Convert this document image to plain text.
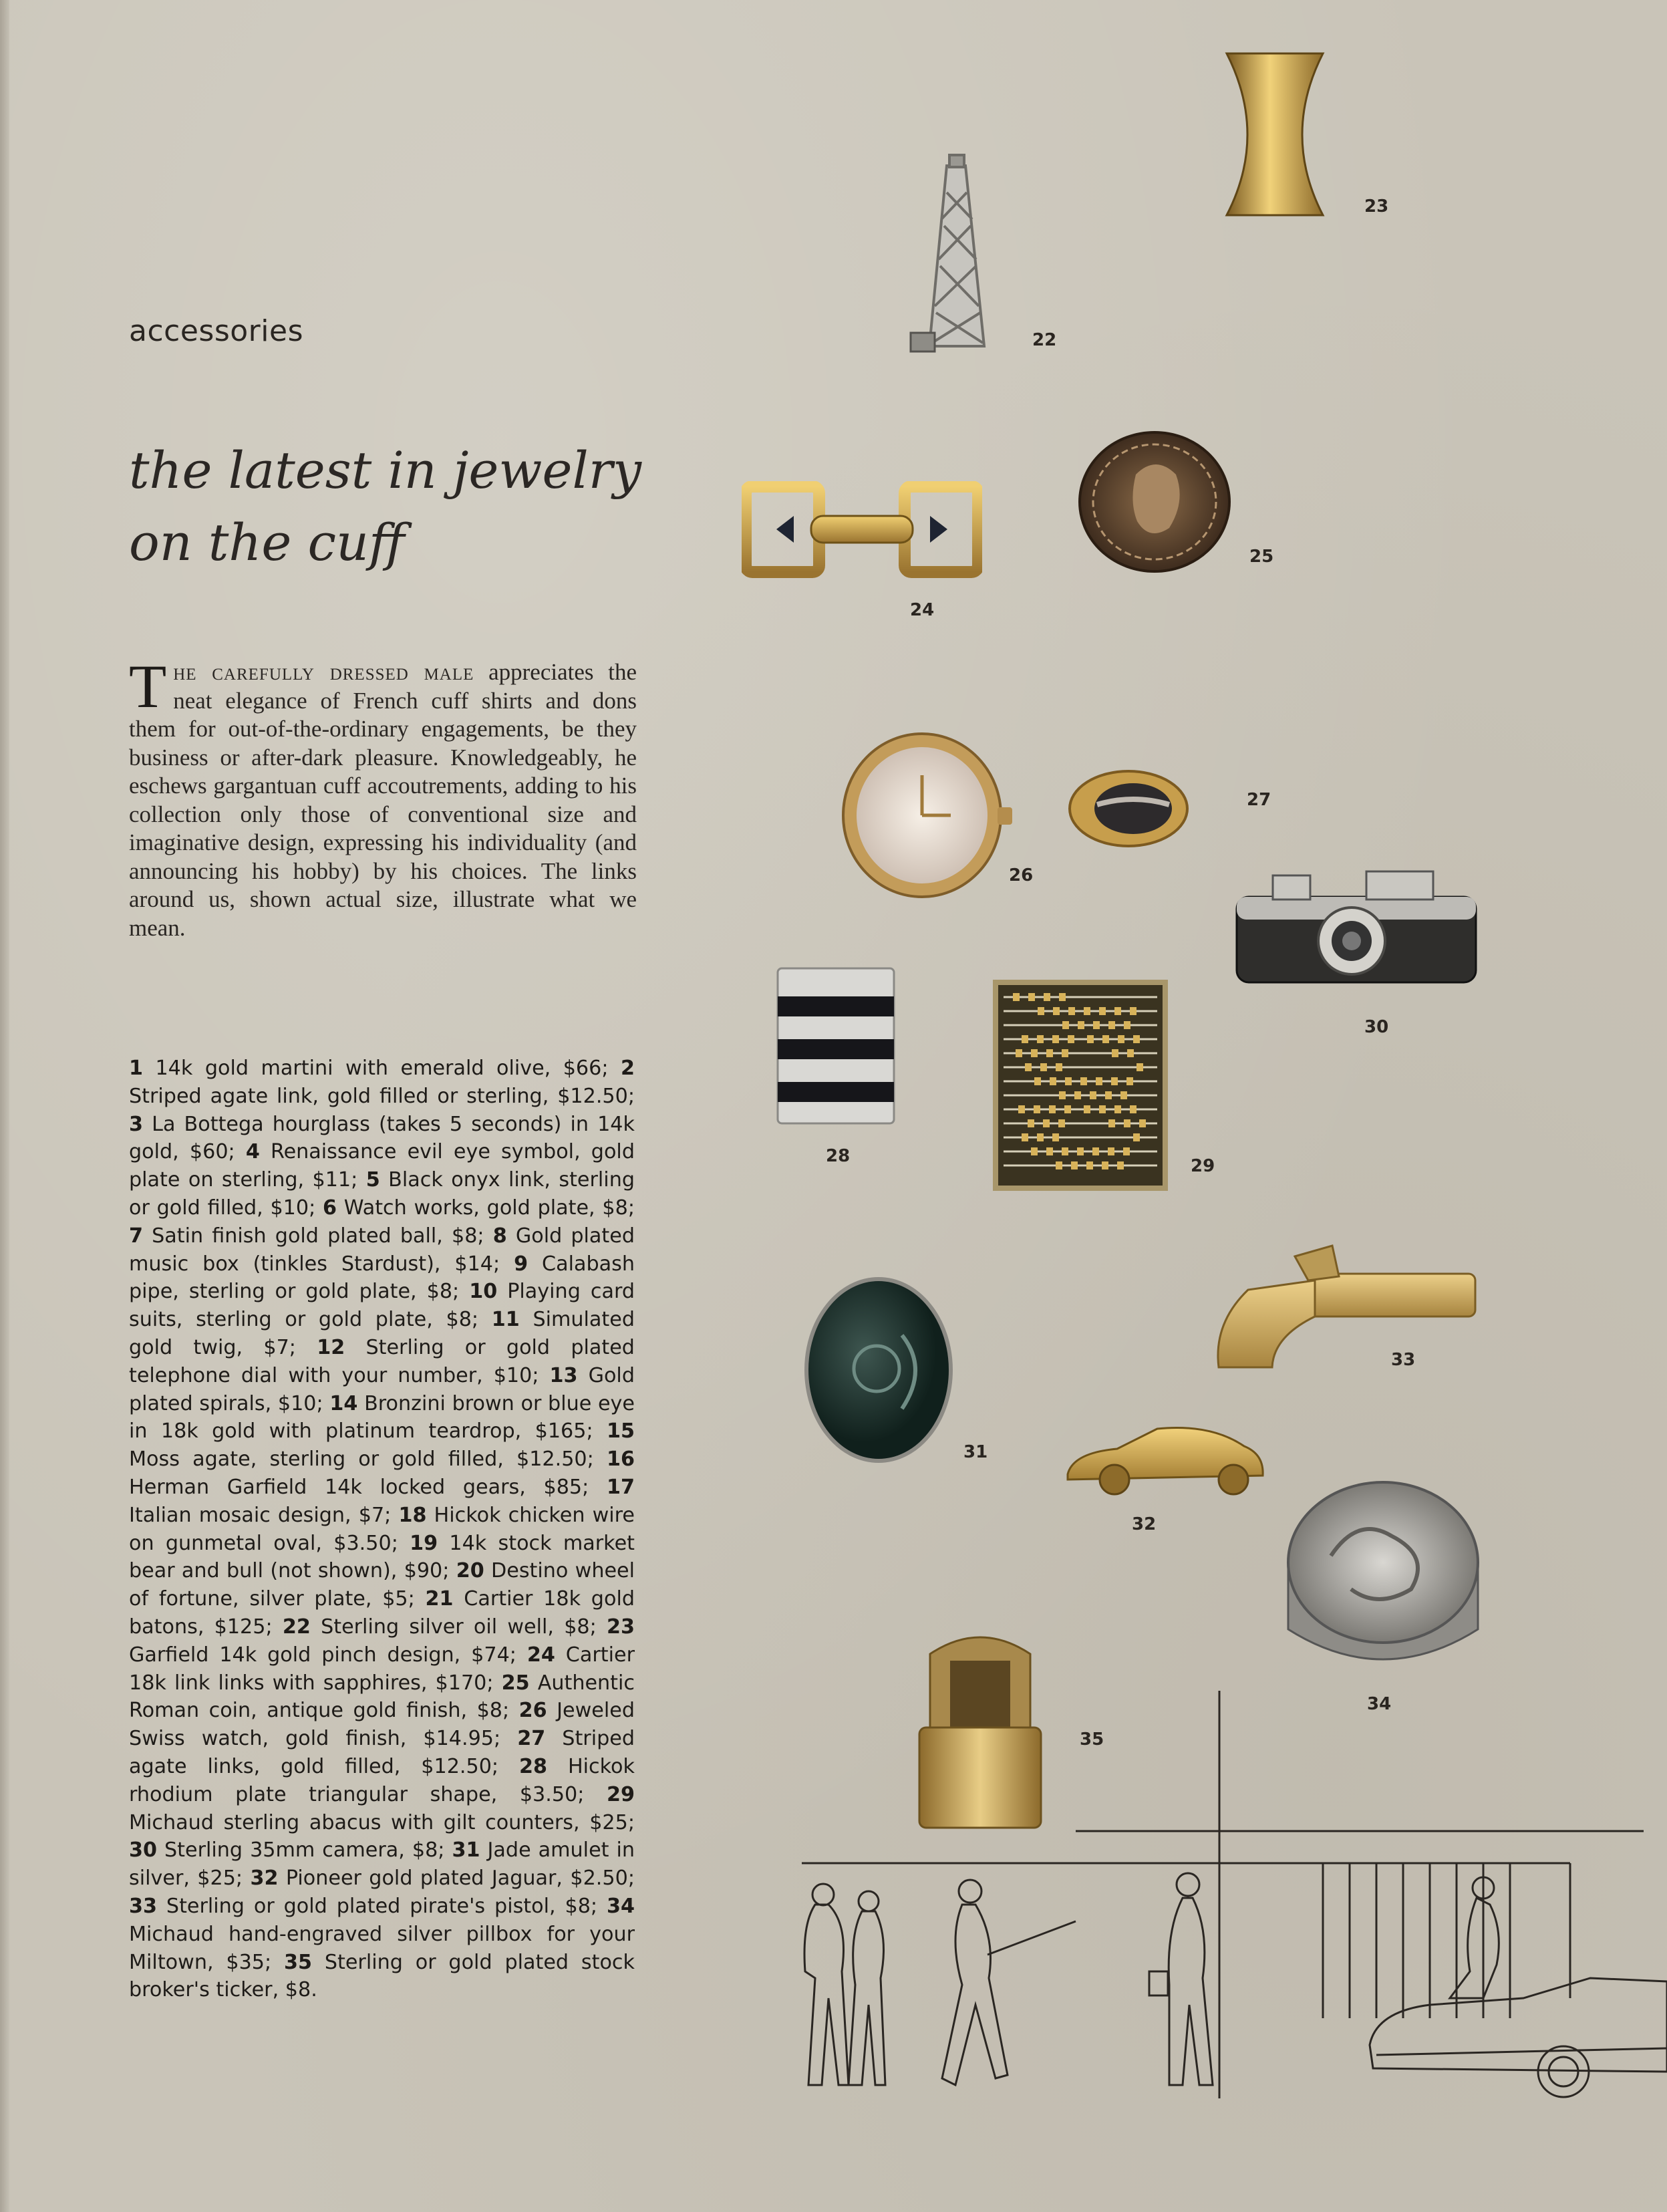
accessories
the latest in jewelry
on the cuff
The carefully dressed male appreciates the neat elegance of French cuff shirts and dons them for out-of-the-ordinary engagements, be they business or after-dark pleasure. Knowledgeably, he eschews gargantuan cuff accoutrements, adding to his collection only those of conventional size and imaginative design, expressing his individuality (and announcing his hobby) by his choices. The links around us, shown actual size, illustrate what we mean.
1 14k gold martini with emerald olive, $66; 2 Striped agate link, gold filled or sterling, $12.50; 3 La Bottega hourglass (takes 5 seconds) in 14k gold, $60; 4 Renaissance evil eye symbol, gold plate on sterling, $11; 5 Black onyx link, sterling or gold filled, $10; 6 Watch works, gold plate, $8; 7 Satin finish gold plated ball, $8; 8 Gold plated music box (tinkles Stardust), $14; 9 Calabash pipe, sterling or gold plate, $8; 10 Playing card suits, sterling or gold plate, $8; 11 Simulated gold twig, $7; 12 Sterling or gold plated telephone dial with your number, $10; 13 Gold plated spirals, $10; 14 Bronzini brown or blue eye in 18k gold with platinum teardrop, $165; 15 Moss agate, sterling or gold filled, $12.50; 16 Herman Garfield 14k locked gears, $85; 17 Italian mosaic design, $7; 18 Hickok chicken wire on gunmetal oval, $3.50; 19 14k stock market bear and bull (not shown), $90; 20 Destino wheel of fortune, silver plate, $5; 21 Cartier 18k gold batons, $125; 22 Sterling silver oil well, $8; 23 Garfield 14k gold pinch design, $74; 24 Cartier 18k link links with sapphires, $170; 25 Authentic Roman coin, antique gold finish, $8; 26 Jeweled Swiss watch, gold finish, $14.95; 27 Striped agate links, gold filled, $12.50; 28 Hickok rhodium plate triangular shape, $3.50; 29 Michaud sterling abacus with gilt counters, $25; 30 Sterling 35mm camera, $8; 31 Jade amulet in silver, $25; 32 Pioneer gold plated Jaguar, $2.50; 33 Sterling or gold plated pirate's pistol, $8; 34 Michaud hand-engraved silver pillbox for your Miltown, $35; 35 Sterling or gold plated stock broker's ticker, $8.
23
22
24
25
26
27
30
28	29
33
31
32
34
35
